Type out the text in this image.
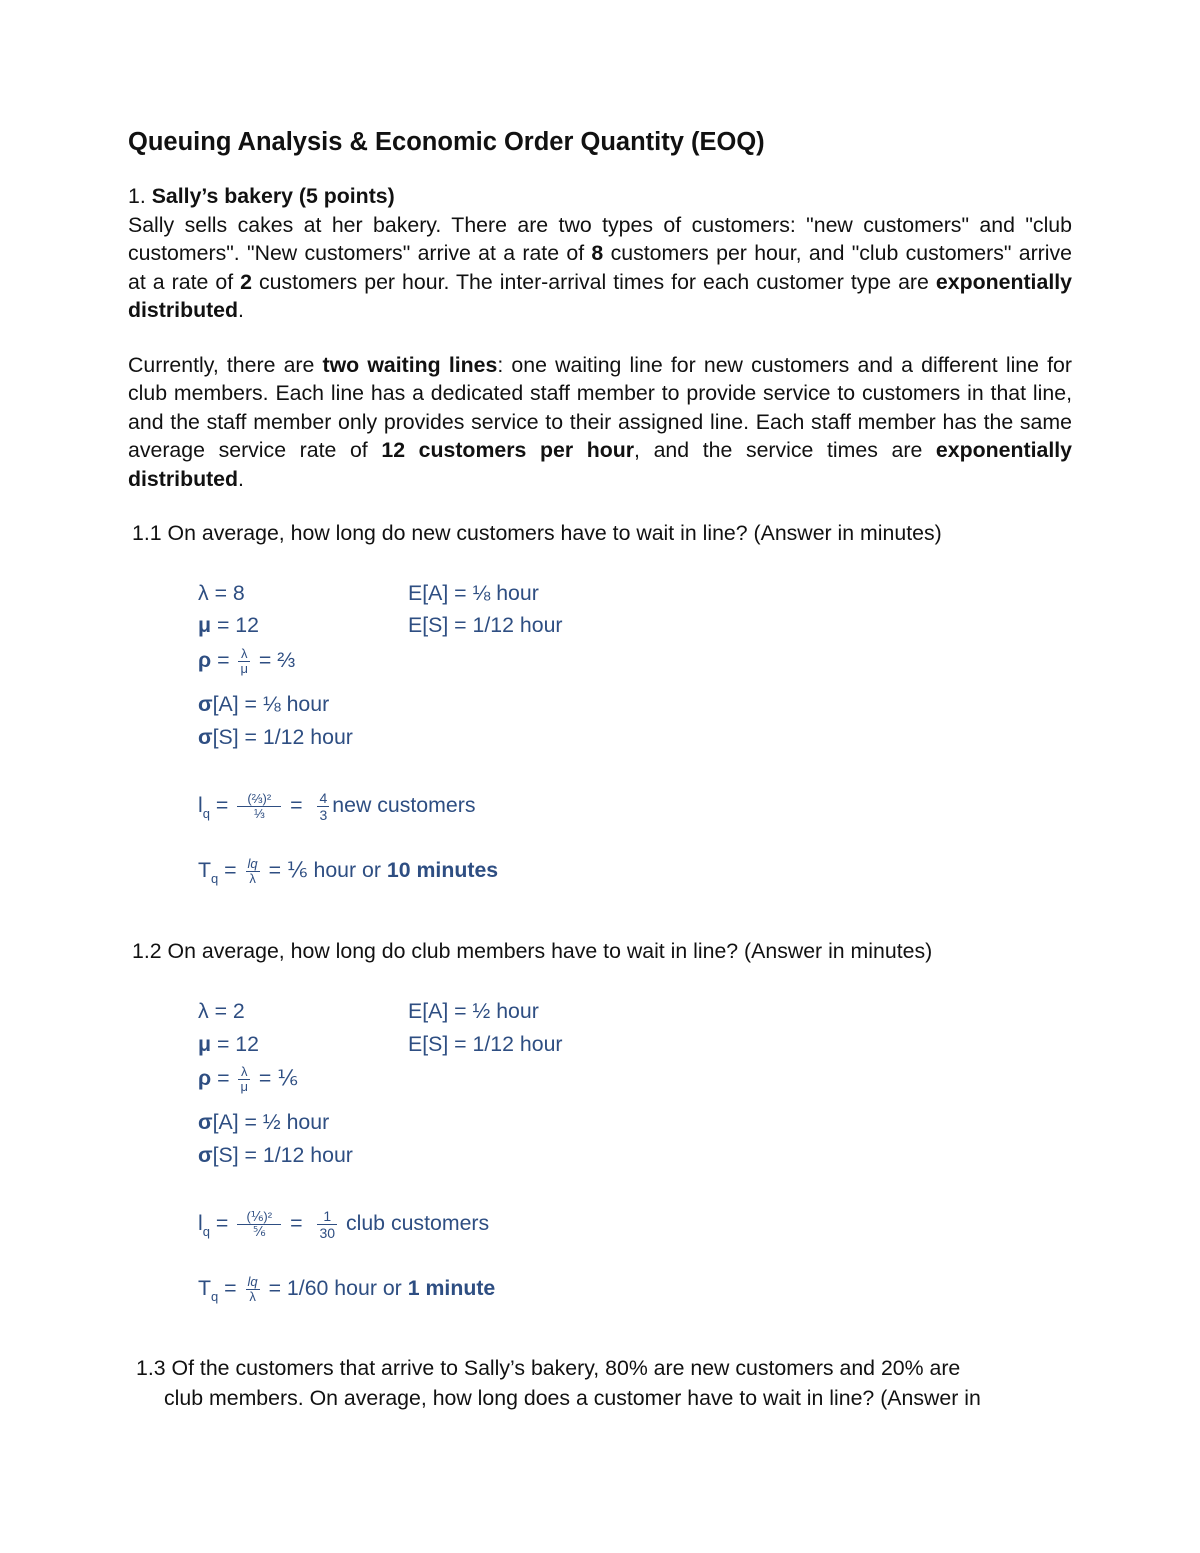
Queuing Analysis & Economic Order Quantity (EOQ)
1. Sally’s bakery (5 points)
Sally sells cakes at her bakery. There are two types of customers: "new customers" and "club customers". "New customers" arrive at a rate of 8 customers per hour, and "club customers" arrive at a rate of 2 customers per hour. The inter-arrival times for each customer type are exponentially distributed.
Currently, there are two waiting lines: one waiting line for new customers and a different line for club members. Each line has a dedicated staff member to provide service to customers in that line, and the staff member only provides service to their assigned line. Each staff member has the same average service rate of 12 customers per hour, and the service times are exponentially distributed.
1.1 On average, how long do new customers have to wait in line? (Answer in minutes)
λ = 8	E[A] = ⅛ hour
μ = 12	E[S] = 1/12 hour
$\rho = \frac{\lambda}{\mu}$ = ⅔
σ[A] = ⅛ hour
σ[S] = 1/12 hour
$l_q = \frac{\text{(⅔)²}}{\text{⅓}} = \frac{4}{3}$ new customers
$T_q = \frac{lq}{\lambda}$ = ⅙ hour or 10 minutes
1.2 On average, how long do club members have to wait in line? (Answer in minutes)
λ = 2	E[A] = ½ hour
μ = 12	E[S] = 1/12 hour
$\rho = \frac{\lambda}{\mu}$ = ⅙
σ[A] = ½ hour
σ[S] = 1/12 hour
$l_q = \frac{\text{(⅙)²}}{\text{⅚}} = \frac{1}{30}$ club customers
$T_q = \frac{lq}{\lambda} = 1/60$ hour or 1 minute
1.3 Of the customers that arrive to Sally’s bakery, 80% are new customers and 20% are
club members. On average, how long does a customer have to wait in line? (Answer in
